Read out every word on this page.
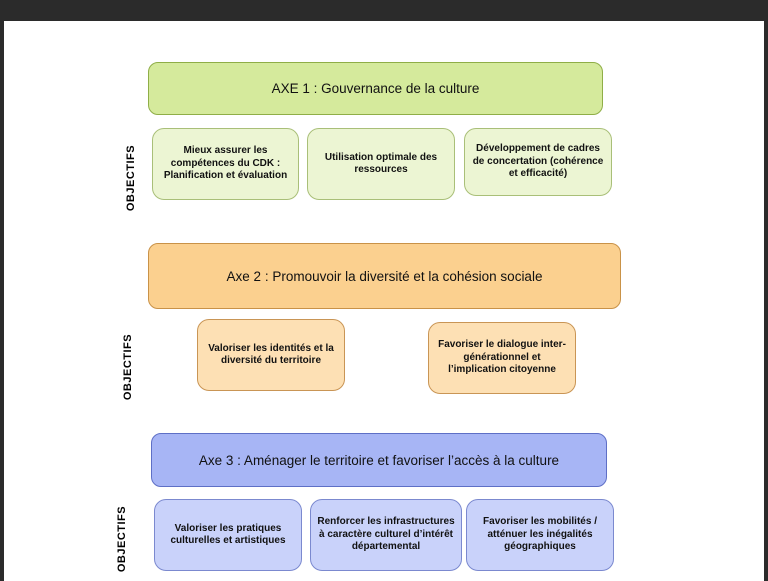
AXE 1 : Gouvernance de la culture
OBJECTIFS	Mieux assurer les compétences du CDK : Planification et évaluation
Utilisation optimale des ressources
Développement de cadres de concertation (cohérence et efficacité)
Axe 2 : Promouvoir la diversité et la cohésion sociale
OBJECTIFS	Valoriser les identités et la diversité du territoire
Favoriser le dialogue inter-générationnel et l’implication citoyenne
Axe 3 : Aménager le territoire et favoriser l’accès à la culture
OBJECTIFS	Valoriser les pratiques culturelles et artistiques
Renforcer les infrastructures à caractère culturel d’intérêt départemental
Favoriser les mobilités / atténuer les inégalités géographiques
